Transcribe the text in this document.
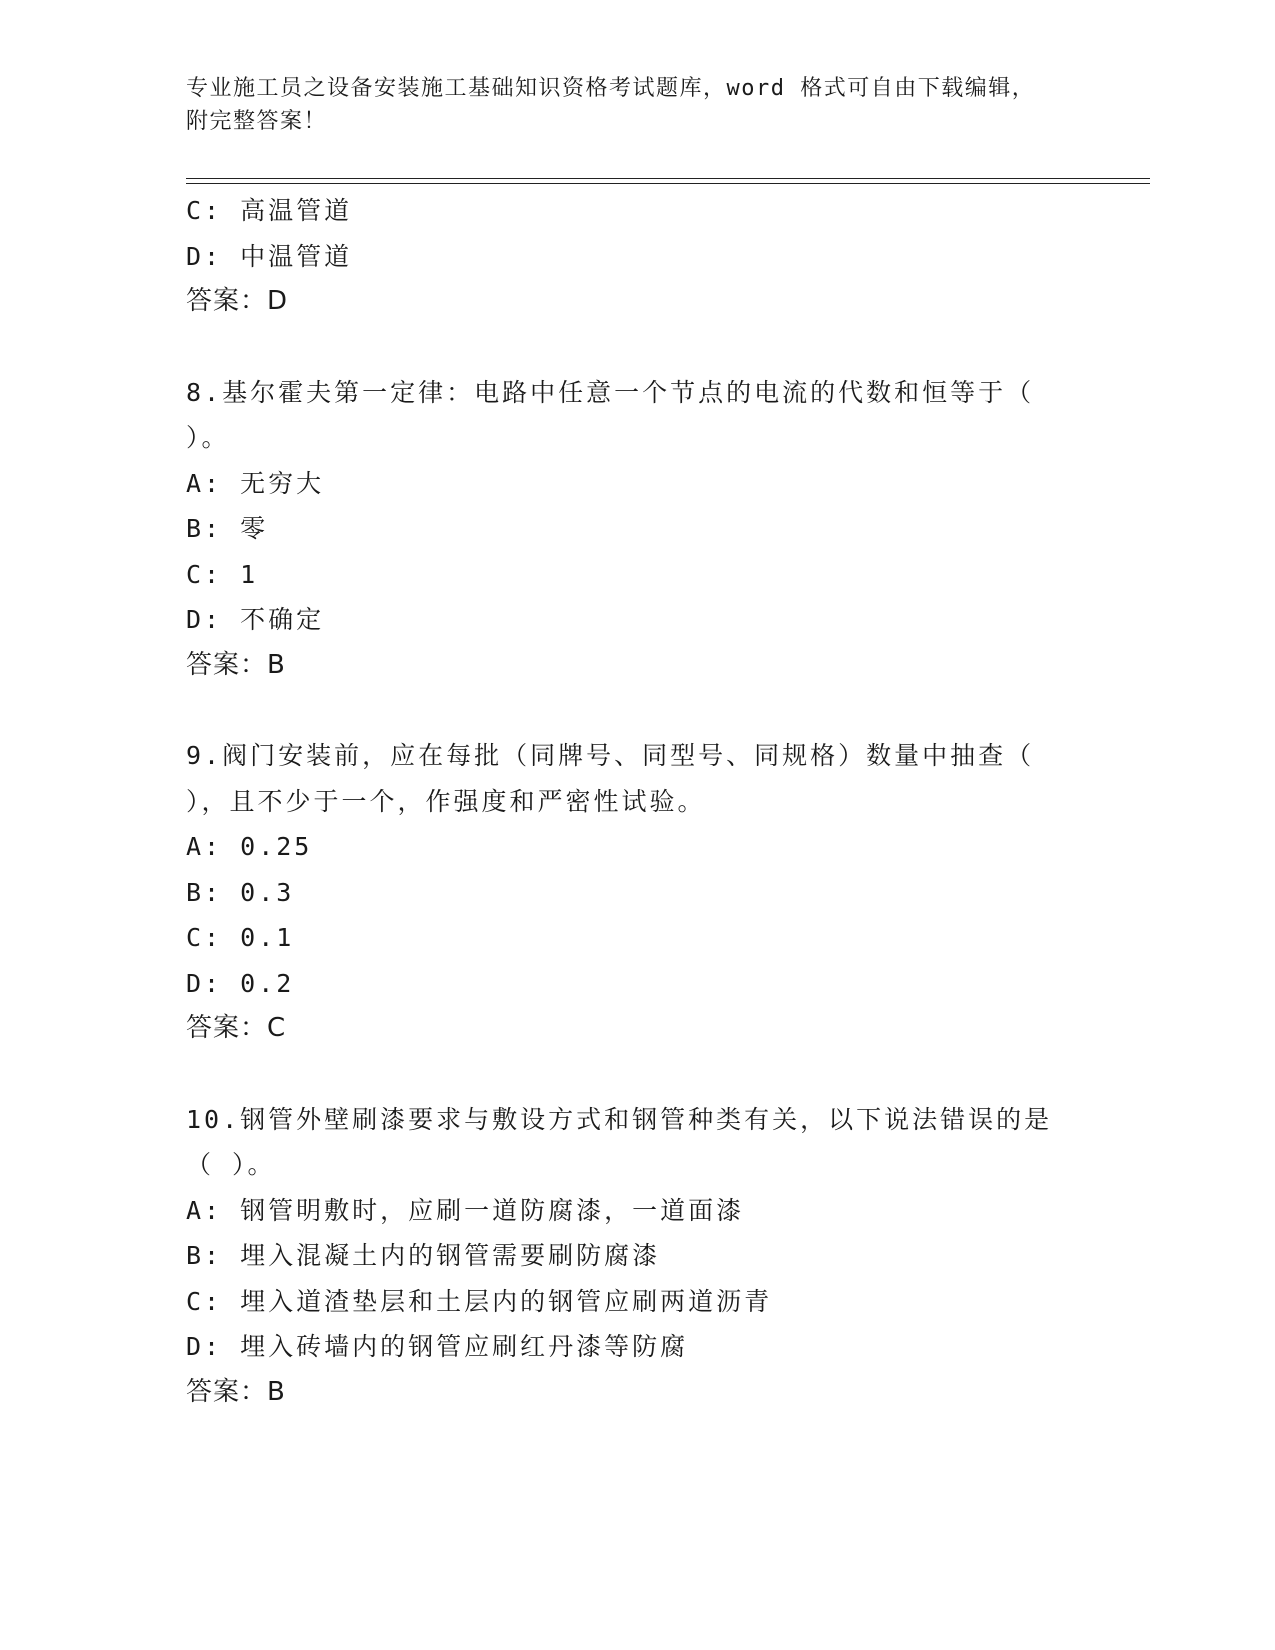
专业施工员之设备安装施工基础知识资格考试题库，word 格式可自由下载编辑，
附完整答案！
C: 高温管道
D: 中温管道
答案：D
8.基尔霍夫第一定律：电路中任意一个节点的电流的代数和恒等于（
）。
A: 无穷大
B: 零
C: 1
D: 不确定
答案：B
9.阀门安装前，应在每批（同牌号、同型号、同规格）数量中抽查（
），且不少于一个，作强度和严密性试验。
A: 0.25
B: 0.3
C: 0.1
D: 0.2
答案：C
10.钢管外壁刷漆要求与敷设方式和钢管种类有关，以下说法错误的是
（ ）。
A: 钢管明敷时，应刷一道防腐漆，一道面漆
B: 埋入混凝土内的钢管需要刷防腐漆
C: 埋入道渣垫层和土层内的钢管应刷两道沥青
D: 埋入砖墙内的钢管应刷红丹漆等防腐
答案：B
